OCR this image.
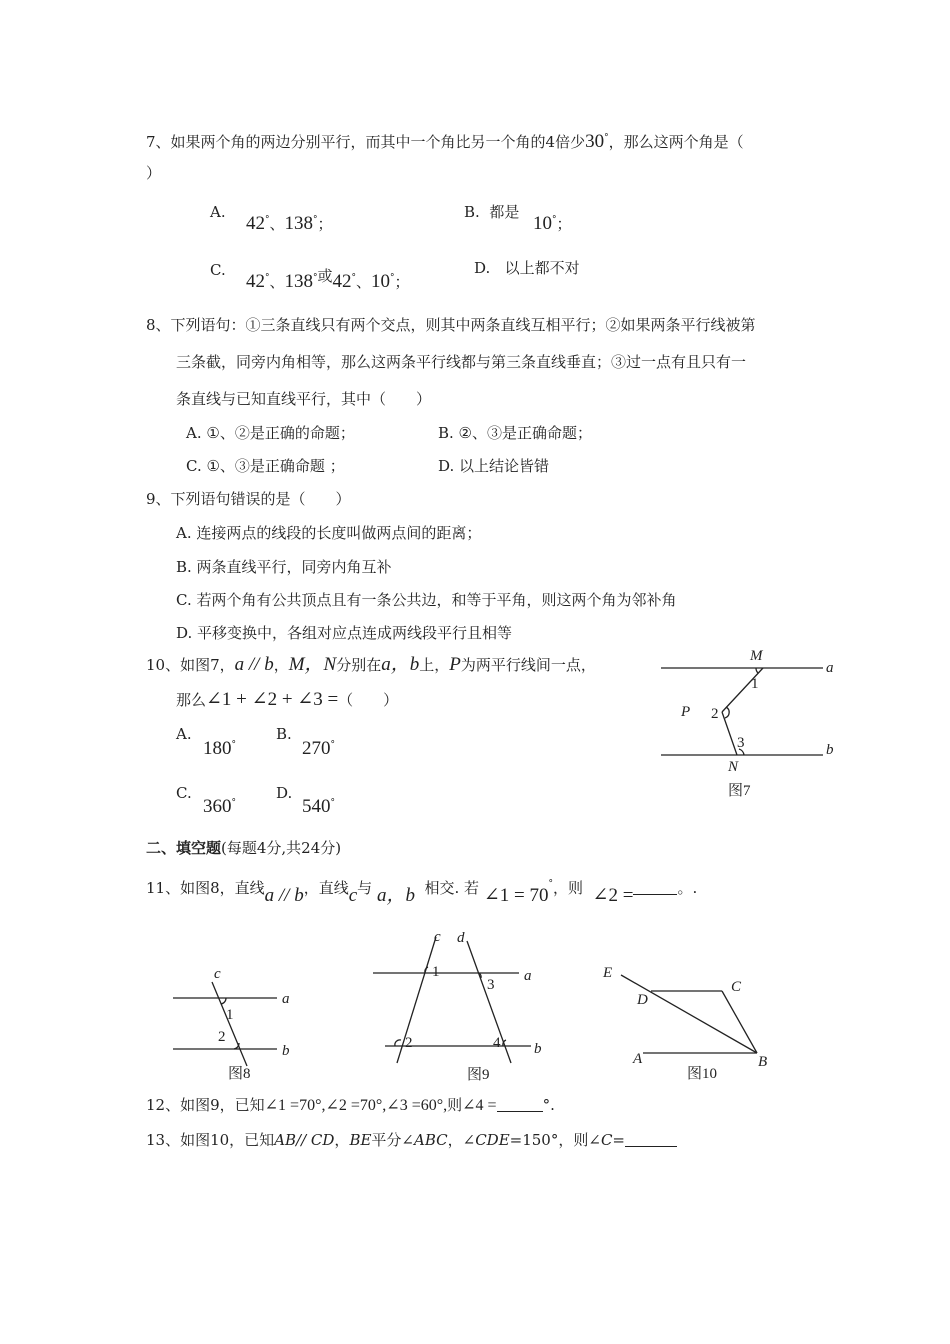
7、如果两个角的两边分别平行，而其中一个角比另一个角的4倍少30°，那么这两个角是（
）
A.
42°、138°；
B. 都是
10°；
C.
42°、138°或42°、10°；
D. 以上都不对
8、下列语句：①三条直线只有两个交点，则其中两条直线互相平行；②如果两条平行线被第
三条截，同旁内角相等，那么这两条平行线都与第三条直线垂直；③过一点有且只有一
条直线与已知直线平行，其中（　　）
A. ①、②是正确的命题；	B. ②、③是正确命题；
C. ①、③是正确命题 ；	D. 以上结论皆错
9、下列语句错误的是（　　）
A. 连接两点的线段的长度叫做两点间的距离；
B. 两条直线平行，同旁内角互补
C. 若两个角有公共顶点且有一条公共边，和等于平角，则这两个角为邻补角
D. 平移变换中，各组对应点连成两线段平行且相等
10、如图7，a // b，M，N分别在a，b上，P为两平行线间一点，
那么∠1 + ∠2 + ∠3 =（　　）
A.
180°
B.
270°
C.
360°
D.
540°
M
1
a
P 2
3	b
N
图7
二、填空题(每题4分,共24分)
11、如图8，直线a // b，直线c与 a，b 相交. 若 ∠1 = 70°，则 ∠2 =	。.
c
a
1
2
b
图8
c d
1
3
a
2	4 b
图9
E
D
C
A	B
图10
12、如图9，已知∠1 =70°,∠2 =70°,∠3 =60°,则∠4 =	°.
13、如图10，已知AB// CD，BE平分∠ABC，∠CDE=150°，则∠C=
